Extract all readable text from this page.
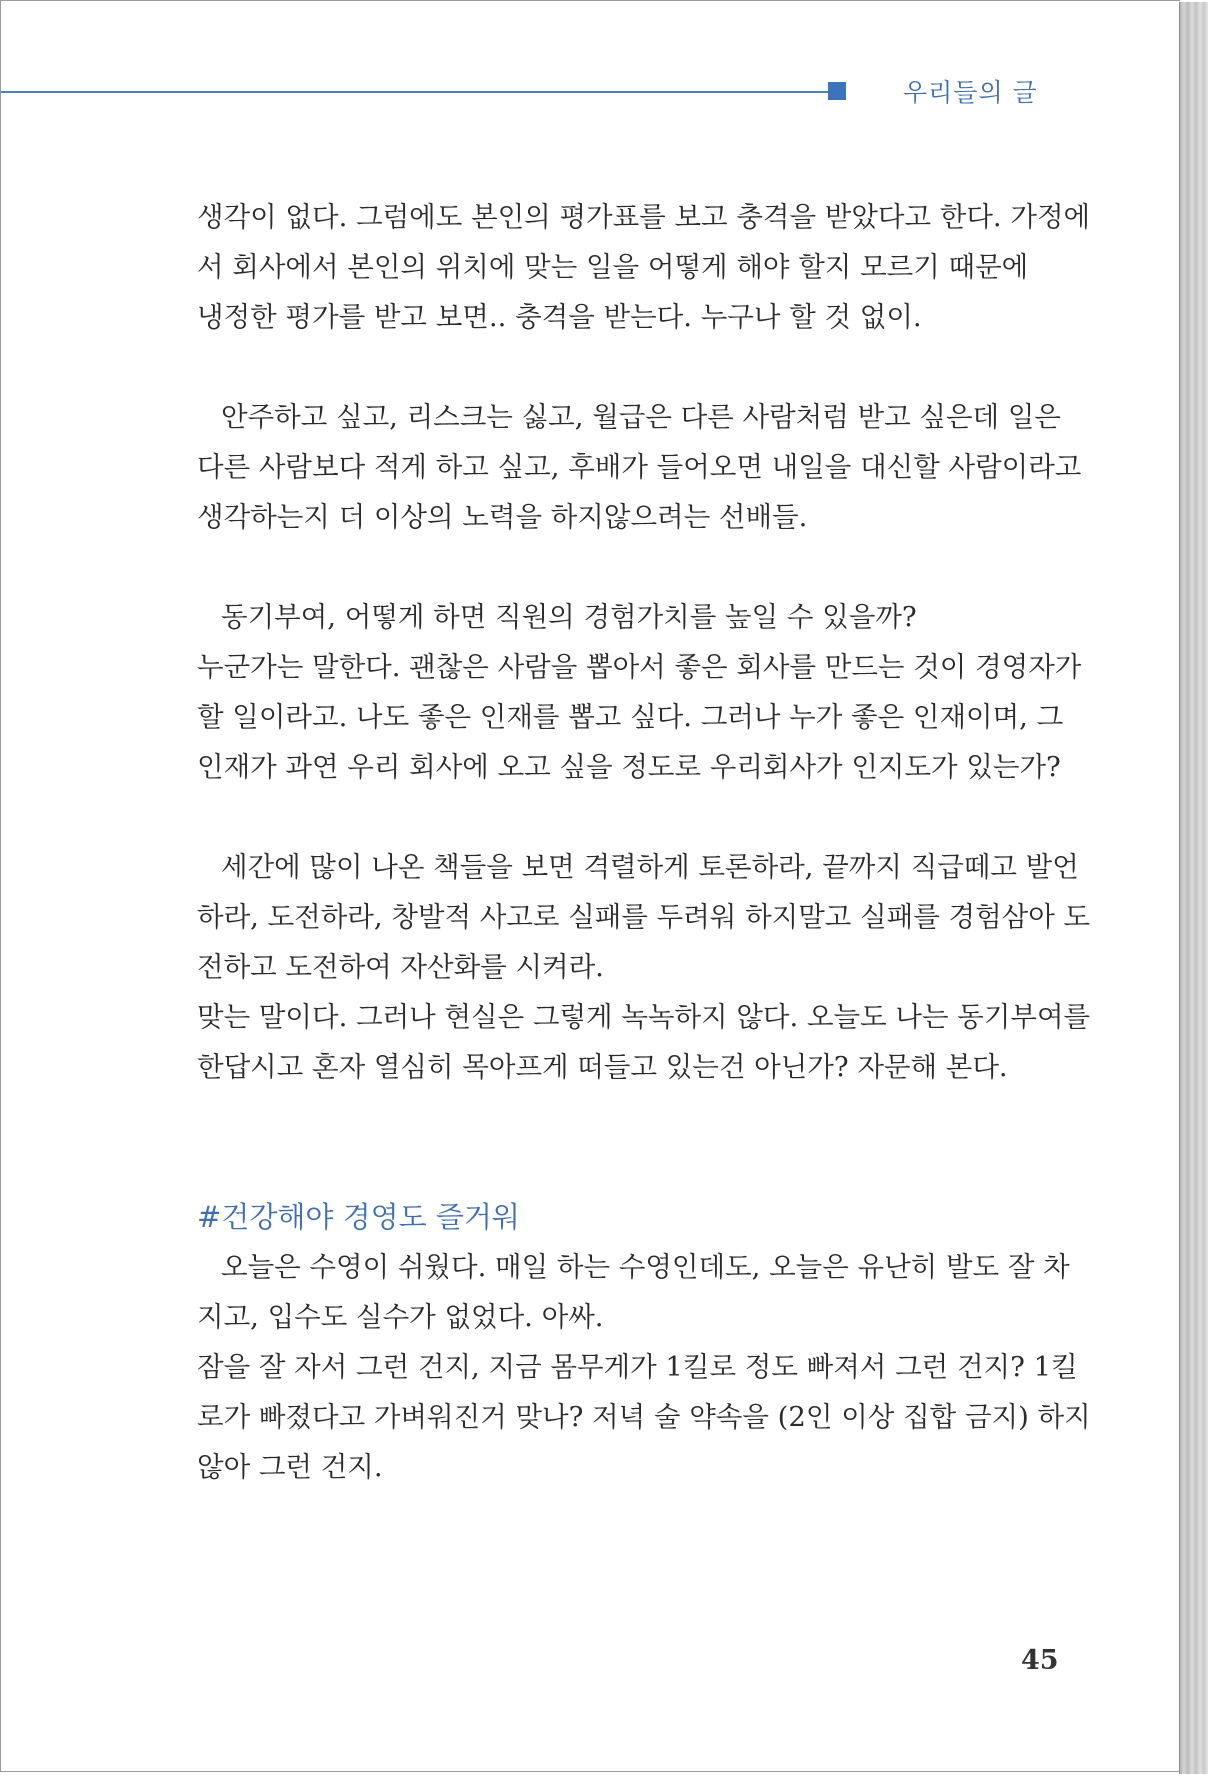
우리들의 글
생각이 없다. 그럼에도 본인의 평가표를 보고 충격을 받았다고 한다. 가정에
서 회사에서 본인의 위치에 맞는 일을 어떻게 해야 할지 모르기 때문에
냉정한 평가를 받고 보면.. 충격을 받는다. 누구나 할 것 없이.
안주하고 싶고, 리스크는 싫고, 월급은 다른 사람처럼 받고 싶은데 일은
다른 사람보다 적게 하고 싶고, 후배가 들어오면 내일을 대신할 사람이라고
생각하는지 더 이상의 노력을 하지않으려는 선배들.
동기부여, 어떻게 하면 직원의 경험가치를 높일 수 있을까?
누군가는 말한다. 괜찮은 사람을 뽑아서 좋은 회사를 만드는 것이 경영자가
할 일이라고. 나도 좋은 인재를 뽑고 싶다. 그러나 누가 좋은 인재이며, 그
인재가 과연 우리 회사에 오고 싶을 정도로 우리회사가 인지도가 있는가?
세간에 많이 나온 책들을 보면 격렬하게 토론하라, 끝까지 직급떼고 발언
하라, 도전하라, 창발적 사고로 실패를 두려워 하지말고 실패를 경험삼아 도
전하고 도전하여 자산화를 시켜라.
맞는 말이다. 그러나 현실은 그렇게 녹녹하지 않다. 오늘도 나는 동기부여를
한답시고 혼자 열심히 목아프게 떠들고 있는건 아닌가? 자문해 본다.
오늘은 수영이 쉬웠다. 매일 하는 수영인데도, 오늘은 유난히 발도 잘 차
지고, 입수도 실수가 없었다. 아싸.
잠을 잘 자서 그런 건지, 지금 몸무게가 1킬로 정도 빠져서 그런 건지? 1킬
로가 빠졌다고 가벼워진거 맞나? 저녁 술 약속을 (2인 이상 집합 금지) 하지
않아 그런 건지.
#건강해야 경영도 즐거워
45
